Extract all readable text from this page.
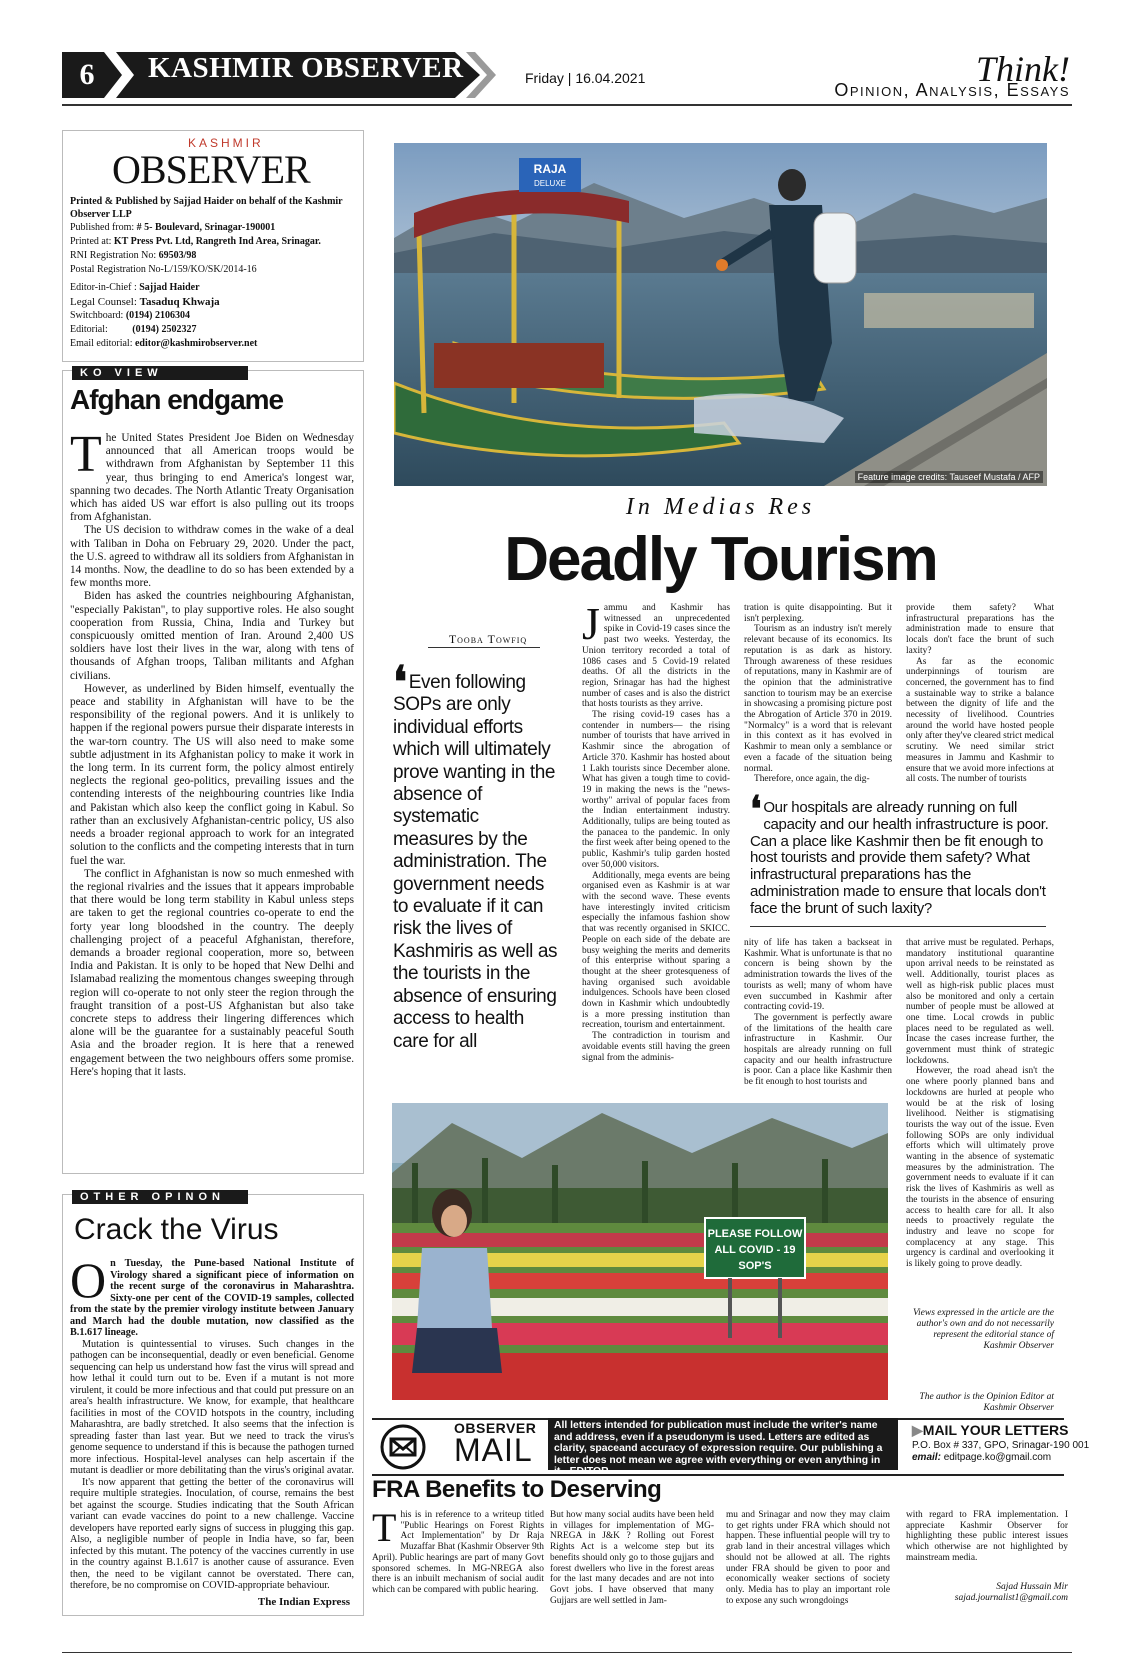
6	KASHMIR OBSERVER	Friday | 16.04.2021	Think!
Opinion, Analysis, Essays
KASHMIR
OBSERVER
Printed & Published by Sajjad Haider on behalf of the Kashmir Observer LLP
Published from: # 5- Boulevard, Srinagar-190001
Printed at: KT Press Pvt. Ltd, Rangreth Ind Area, Srinagar.
RNI Registration No: 69503/98
Postal Registration No-L/159/KO/SK/2014-16
Editor-in-Chief : Sajjad Haider
Legal Counsel: Tasaduq Khwaja
Switchboard: (0194) 2106304
Editorial: (0194) 2502327
Email editorial: editor@kashmirobserver.net
KO VIEW
Afghan endgame

The United States President Joe Biden on Wednesday announced that all American troops would be withdrawn from Afghanistan by September 11 this year, thus bringing to end America's longest war, spanning two decades. The North Atlantic Treaty Organisation which has aided US war effort is also pulling out its troops from Afghanistan.

The US decision to withdraw comes in the wake of a deal with Taliban in Doha on February 29, 2020. Under the pact, the U.S. agreed to withdraw all its soldiers from Afghanistan in 14 months. Now, the deadline to do so has been extended by a few months more.

Biden has asked the countries neighbouring Afghanistan, "especially Pakistan", to play supportive roles. He also sought cooperation from Russia, China, India and Turkey but conspicuously omitted mention of Iran. Around 2,400 US soldiers have lost their lives in the war, along with tens of thousands of Afghan troops, Taliban militants and Afghan civilians.

However, as underlined by Biden himself, eventually the peace and stability in Afghanistan will have to be the responsibility of the regional powers. And it is unlikely to happen if the regional powers pursue their disparate interests in the war-torn country. The US will also need to make some subtle adjustment in its Afghanistan policy to make it work in the long term. In its current form, the policy almost entirely neglects the regional geo-politics, prevailing issues and the contending interests of the neighbouring countries like India and Pakistan which also keep the conflict going in Kabul. So rather than an exclusively Afghanistan-centric policy, US also needs a broader regional approach to work for an integrated solution to the conflicts and the competing interests that in turn fuel the war.

The conflict in Afghanistan is now so much enmeshed with the regional rivalries and the issues that it appears improbable that there would be long term stability in Kabul unless steps are taken to get the regional countries co-operate to end the forty year long bloodshed in the country. The deeply challenging project of a peaceful Afghanistan, therefore, demands a broader regional cooperation, more so, between India and Pakistan. It is only to be hoped that New Delhi and Islamabad realizing the momentous changes sweeping through region will co-operate to not only steer the region through the fraught transition of a post-US Afghanistan but also take concrete steps to address their lingering differences which alone will be the guarantee for a sustainably peaceful South Asia and the broader region. It is here that a renewed engagement between the two neighbours offers some promise. Here's hoping that it lasts.

OTHER OPINON
Crack the Virus

On Tuesday, the Pune-based National Institute of Virology shared a significant piece of information on the recent surge of the coronavirus in Maharashtra. Sixty-one per cent of the COVID-19 samples, collected from the state by the premier virology institute between January and March had the double mutation, now classified as the B.1.617 lineage.

Mutation is quintessential to viruses. Such changes in the pathogen can be inconsequential, deadly or even beneficial. Genome sequencing can help us understand how fast the virus will spread and how lethal it could turn out to be. Even if a mutant is not more virulent, it could be more infectious and that could put pressure on an area's health infrastructure. We know, for example, that healthcare facilities in most of the COVID hotspots in the country, including Maharashtra, are badly stretched. It also seems that the infection is spreading faster than last year. But we need to track the virus's genome sequence to understand if this is because the pathogen turned more infectious. Hospital-level analyses can help ascertain if the mutant is deadlier or more debilitating than the virus's original avatar.

It's now apparent that getting the better of the coronavirus will require multiple strategies. Inoculation, of course, remains the best bet against the scourge. Studies indicating that the South African variant can evade vaccines do point to a new challenge. Vaccine developers have reported early signs of success in plugging this gap. Also, a negligible number of people in India have, so far, been infected by this mutant. The potency of the vaccines currently in use in the country against B.1.617 is another cause of assurance. Even then, the need to be vigilant cannot be overstated. There can, therefore, be no compromise on COVID-appropriate behaviour.

The Indian Express
RAJA
DELUXE
Feature image credits: Tauseef Mustafa / AFP
In Medias Res
Deadly Tourism
Tooba Towfiq
❛ Even following SOPs are only individual efforts which will ultimately prove wanting in the absence of systematic measures by the administration. The government needs to evaluate if it can risk the lives of Kashmiris as well as the tourists in the absence of ensuring access to health care for all

Jammu and Kashmir has witnessed an unprecedented spike in Covid-19 cases since the past two weeks. Yesterday, the Union territory recorded a total of 1086 cases and 5 Covid-19 related deaths. Of all the districts in the region, Srinagar has had the highest number of cases and is also the district that hosts tourists as they arrive.

The rising covid-19 cases has a contender in numbers— the rising number of tourists that have arrived in Kashmir since the abrogation of Article 370. Kashmir has hosted about 1 Lakh tourists since December alone. What has given a tough time to covid-19 in making the news is the "news-worthy" arrival of popular faces from the Indian entertainment industry. Additionally, tulips are being touted as the panacea to the pandemic. In only the first week after being opened to the public, Kashmir's tulip garden hosted over 50,000 visitors.

Additionally, mega events are being organised even as Kashmir is at war with the second wave. These events have interestingly invited criticism especially the infamous fashion show that was recently organised in SKICC. People on each side of the debate are busy weighing the merits and demerits of this enterprise without sparing a thought at the sheer grotesqueness of having organised such avoidable indulgences. Schools have been closed down in Kashmir which undoubtedly is a more pressing institution than recreation, tourism and entertainment.

The contradiction in tourism and avoidable events still having the green signal from the adminis-

tration is quite disappointing. But it isn't perplexing.

Tourism as an industry isn't merely relevant because of its economics. Its reputation is as dark as history. Through awareness of these residues of reputations, many in Kashmir are of the opinion that the administrative sanction to tourism may be an exercise in showcasing a promising picture post the Abrogation of Article 370 in 2019. "Normalcy" is a word that is relevant in this context as it has evolved in Kashmir to mean only a semblance or even a facade of the situation being normal.

Therefore, once again, the dig-

provide them safety? What infrastructural preparations has the administration made to ensure that locals don't face the brunt of such laxity?

As far as the economic underpinnings of tourism are concerned, the government has to find a sustainable way to strike a balance between the dignity of life and the necessity of livelihood. Countries around the world have hosted people only after they've cleared strict medical scrutiny. We need similar strict measures in Jammu and Kashmir to ensure that we avoid more infections at all costs. The number of tourists

❛ Our hospitals are already running on full capacity and our health infrastructure is poor. Can a place like Kashmir then be fit enough to host tourists and provide them safety? What infrastructural preparations has the administration made to ensure that locals don't face the brunt of such laxity?

nity of life has taken a backseat in Kashmir. What is unfortunate is that no concern is being shown by the administration towards the lives of the tourists as well; many of whom have even succumbed in Kashmir after contracting covid-19.

The government is perfectly aware of the limitations of the health care infrastructure in Kashmir. Our hospitals are already running on full capacity and our health infrastructure is poor. Can a place like Kashmir then be fit enough to host tourists and

that arrive must be regulated. Perhaps, mandatory institutional quarantine upon arrival needs to be reinstated as well. Additionally, tourist places as well as high-risk public places must also be monitored and only a certain number of people must be allowed at one time. Local crowds in public places need to be regulated as well. Incase the cases increase further, the government must think of strategic lockdowns.

However, the road ahead isn't the one where poorly planned bans and lockdowns are hurled at people who would be at the risk of losing livelihood. Neither is stigmatising tourists the way out of the issue. Even following SOPs are only individual efforts which will ultimately prove wanting in the absence of systematic measures by the administration. The government needs to evaluate if it can risk the lives of Kashmiris as well as the tourists in the absence of ensuring access to health care for all. It also needs to proactively regulate the industry and leave no scope for complacency at any stage. This urgency is cardinal and overlooking it is likely going to prove deadly.

Views expressed in the article are the author's own and do not necessarily represent the editorial stance of Kashmir Observer
The author is the Opinion Editor at Kashmir Observer
PLEASE FOLLOW
ALL COVID - 19
SOP'S
OBSERVER
MAIL
All letters intended for publication must include the writer's name and address, even if a pseudonym is used. Letters are edited as clarity, spaceand accuracy of expression require. Our publishing a letter does not mean we agree with everything or even anything in it. -EDITOR
▶MAIL YOUR LETTERS
P.O. Box # 337, GPO, Srinagar-190 001
email: editpage.ko@gmail.com
FRA Benefits to Deserving

This is in reference to a writeup titled "Public Hearings on Forest Rights Act Implementation" by Dr Raja Muzaffar Bhat (Kashmir Observer 9th April). Public hearings are part of many Govt sponsored schemes. In MG-NREGA also there is an inbuilt mechanism of social audit which can be compared with public hearing.

But how many social audits have been held in villages for implementation of MG-NREGA in J&K ? Rolling out Forest Rights Act is a welcome step but its benefits should only go to those gujjars and forest dwellers who live in the forest areas for the last many decades and are not into Govt jobs. I have observed that many Gujjars are well settled in Jam-

mu and Srinagar and now they may claim to get rights under FRA which should not happen. These influential people will try to grab land in their ancestral villages which should not be allowed at all. The rights under FRA should be given to poor and economically weaker sections of society only. Media has to play an important role to expose any such wrongdoings

with regard to FRA implementation. I appreciate Kashmir Observer for highlighting these public interest issues which otherwise are not highlighted by mainstream media.

Sajad Hussain Mir
sajad.journalist1@gmail.com
